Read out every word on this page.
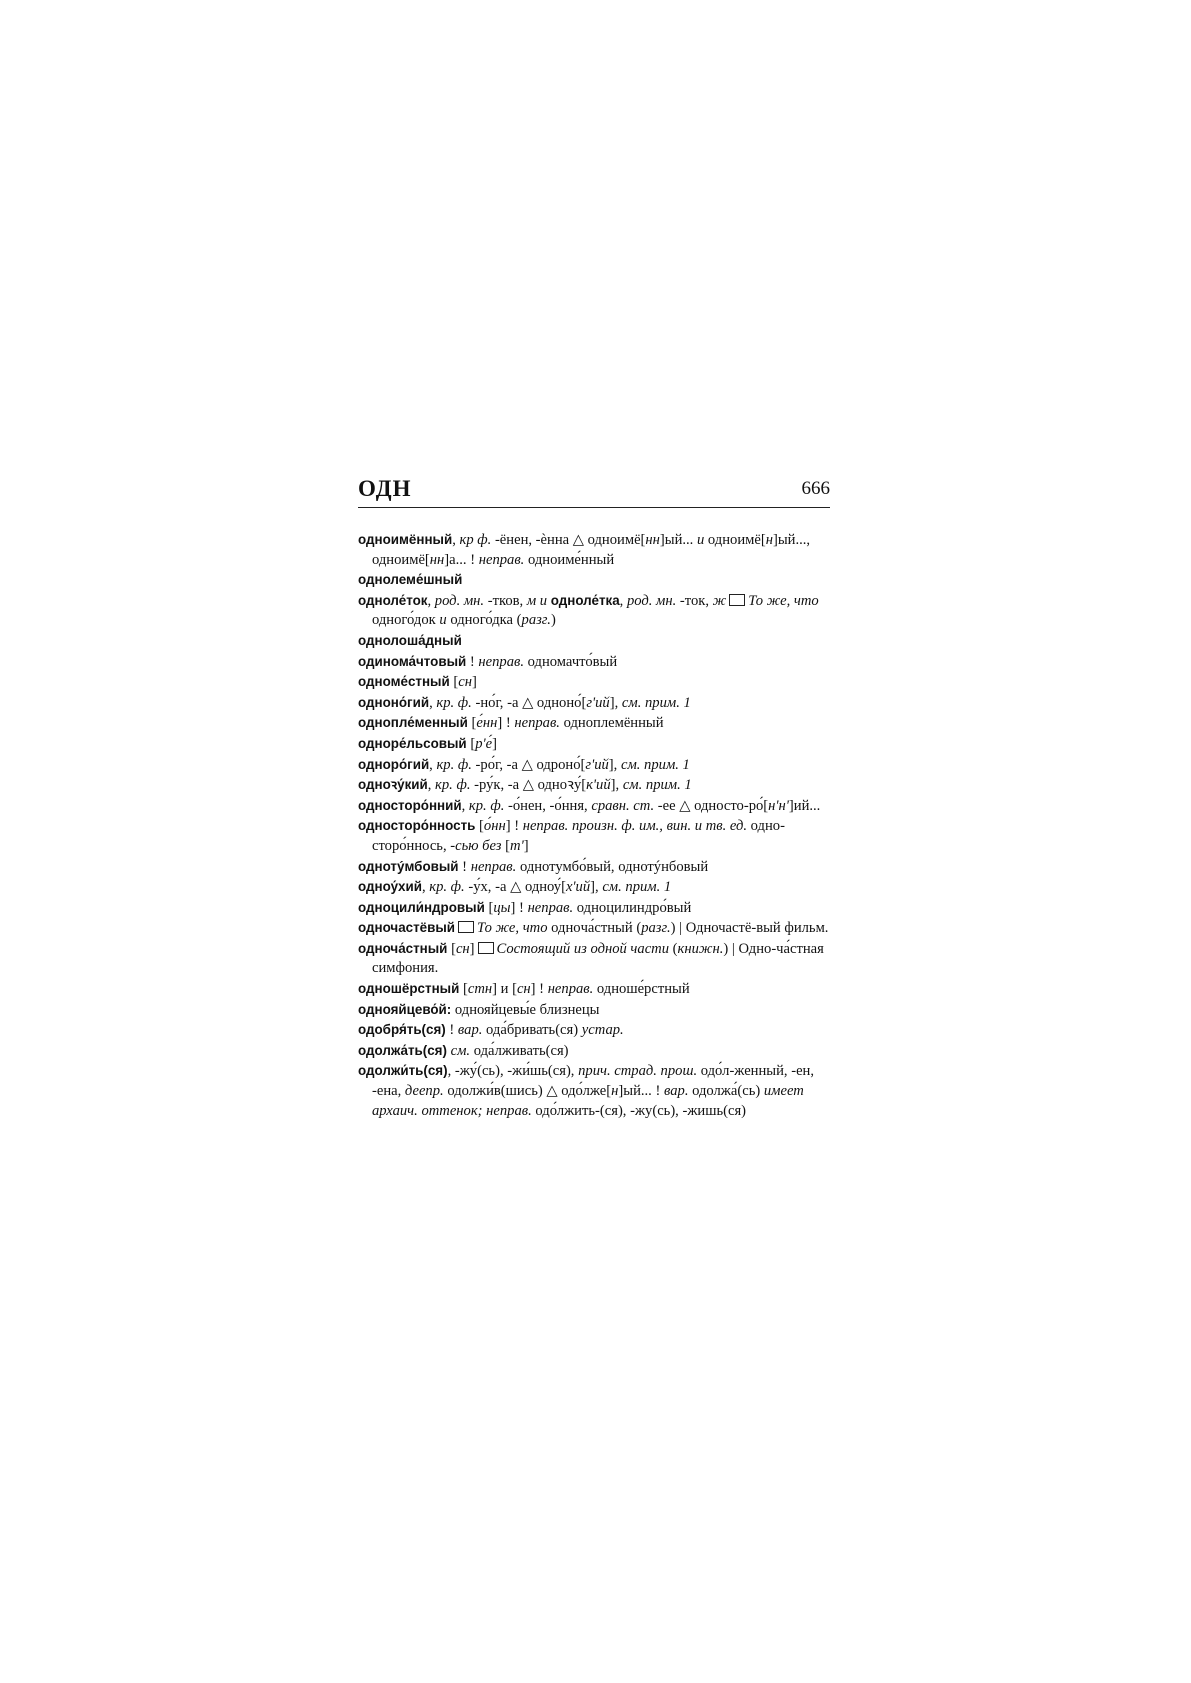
ОДН	666

одноимённый, кр ф. -ёнен, -ѐнна △ одноимё[нн]ый... и одноимё[н]ый..., одноимё[нн]а... ! неправ. одноиме́нный

однолеме́шный

одноле́ток, род. мн. -тков, м и одноле́тка, род. мн. -ток, ж То же, что одного́док и одного́дка (разг.)

однолоша́дный

одинома́чтовый ! неправ. одномачто́вый

одноме́стный [сн]

одноно́гий, кр. ф. -но́г, -а △ одноно́[гʹий], см. прим. 1

однопле́менный [е́нн] ! неправ. одноплемённый

одноре́льсовый [рʹе́]

одноро́гий, кр. ф. -ро́г, -а △ одроно́[гʹий], см. прим. 1

одноꝛу́кий, кр. ф. -ру́к, -а △ одноꝛу́[кʹий], см. прим. 1

односторо́нний, кр. ф. -о́нен, -о́ння, сравн. ст. -ее △ односто-ро́[нʹнʹ]ий...

односторо́нность [о́нн] ! неправ. произн. ф. им., вин. и тв. ед. одно-сторо́ннось, -сью без [тʹ]

однотýмбовый ! неправ. однотумбо́вый, однотýнбовый

одноу́хий, кр. ф. -у́х, -а △ одноу́[хʹий], см. прим. 1

одноцили́ндровый [цы] ! неправ. одноцилиндро́вый

одночастёвый То же, что однoча́стный (разг.) | Одночастё-вый фильм.

одноча́стный [сн] Состоящий из одной части (книжн.) | Одно-ча́стная симфония.

одношёрстный [стн] и [сн] ! неправ. одноше́рстный

однояйцево́й: однояйцевы́е близнецы

одобря́ть(ся) ! вар. ода́бривать(ся) устар.

одолжа́ть(ся) см. ода́лживать(ся)

одолжи́ть(ся), -жу́(сь), -жи́шь(ся), прич. страд. прош. одо́л-женный, -ен, -ена, деепр. одолжи́в(шись) △ одо́лже[н]ый... ! вар. одолжа́(сь) имеет архаич. оттенок; неправ. одо́лжить-(ся), -жу(сь), -жишь(ся)
